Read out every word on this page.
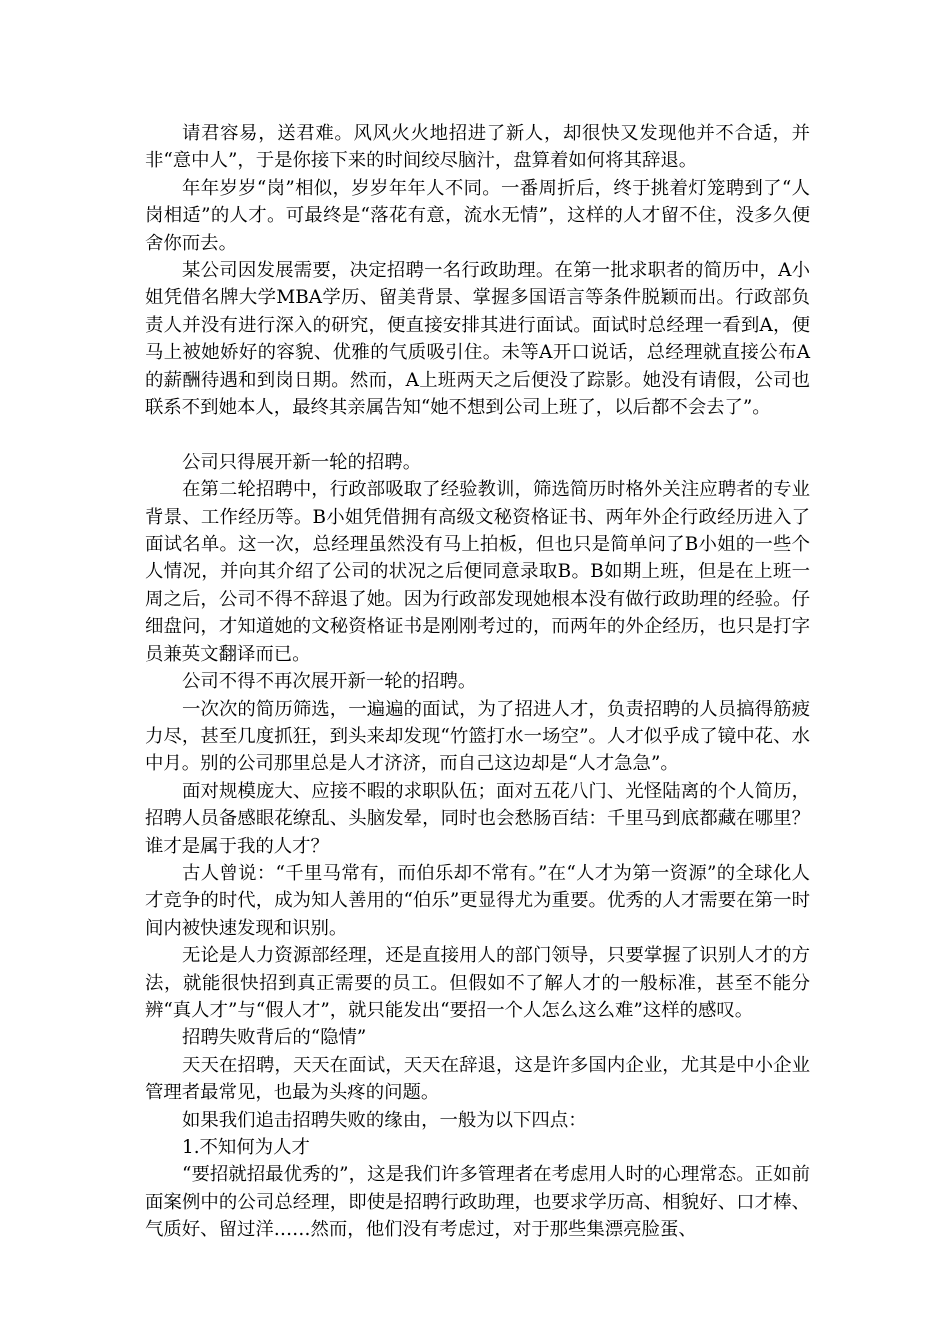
请君容易，送君难。风风火火地招进了新人，却很快又发现他并不合适，并非“意中人”，于是你接下来的时间绞尽脑汁，盘算着如何将其辞退。

年年岁岁“岗”相似，岁岁年年人不同。一番周折后，终于挑着灯笼聘到了“人岗相适”的人才。可最终是“落花有意，流水无情”，这样的人才留不住，没多久便舍你而去。

某公司因发展需要，决定招聘一名行政助理。在第一批求职者的简历中，A小姐凭借名牌大学MBA学历、留美背景、掌握多国语言等条件脱颖而出。行政部负责人并没有进行深入的研究，便直接安排其进行面试。面试时总经理一看到A，便马上被她娇好的容貌、优雅的气质吸引住。未等A开口说话，总经理就直接公布A的薪酬待遇和到岗日期。然而，A上班两天之后便没了踪影。她没有请假，公司也联系不到她本人，最终其亲属告知“她不想到公司上班了，以后都不会去了”。

公司只得展开新一轮的招聘。

在第二轮招聘中，行政部吸取了经验教训，筛选简历时格外关注应聘者的专业背景、工作经历等。B小姐凭借拥有高级文秘资格证书、两年外企行政经历进入了面试名单。这一次，总经理虽然没有马上拍板，但也只是简单问了B小姐的一些个人情况，并向其介绍了公司的状况之后便同意录取B。B如期上班，但是在上班一周之后，公司不得不辞退了她。因为行政部发现她根本没有做行政助理的经验。仔细盘问，才知道她的文秘资格证书是刚刚考过的，而两年的外企经历，也只是打字员兼英文翻译而已。

公司不得不再次展开新一轮的招聘。

一次次的简历筛选，一遍遍的面试，为了招进人才，负责招聘的人员搞得筋疲力尽，甚至几度抓狂，到头来却发现“竹篮打水一场空”。人才似乎成了镜中花、水中月。别的公司那里总是人才济济，而自己这边却是“人才急急”。

面对规模庞大、应接不暇的求职队伍；面对五花八门、光怪陆离的个人简历，招聘人员备感眼花缭乱、头脑发晕，同时也会愁肠百结：千里马到底都藏在哪里？谁才是属于我的人才？

古人曾说：“千里马常有，而伯乐却不常有。”在“人才为第一资源”的全球化人才竞争的时代，成为知人善用的“伯乐”更显得尤为重要。优秀的人才需要在第一时间内被快速发现和识别。

无论是人力资源部经理，还是直接用人的部门领导，只要掌握了识别人才的方法，就能很快招到真正需要的员工。但假如不了解人才的一般标准，甚至不能分辨“真人才”与“假人才”，就只能发出“要招一个人怎么这么难”这样的感叹。

招聘失败背后的“隐情”

天天在招聘，天天在面试，天天在辞退，这是许多国内企业，尤其是中小企业管理者最常见，也最为头疼的问题。

如果我们追击招聘失败的缘由，一般为以下四点：

1.不知何为人才

“要招就招最优秀的”，这是我们许多管理者在考虑用人时的心理常态。正如前面案例中的公司总经理，即使是招聘行政助理，也要求学历高、相貌好、口才棒、气质好、留过洋……然而，他们没有考虑过，对于那些集漂亮脸蛋、
